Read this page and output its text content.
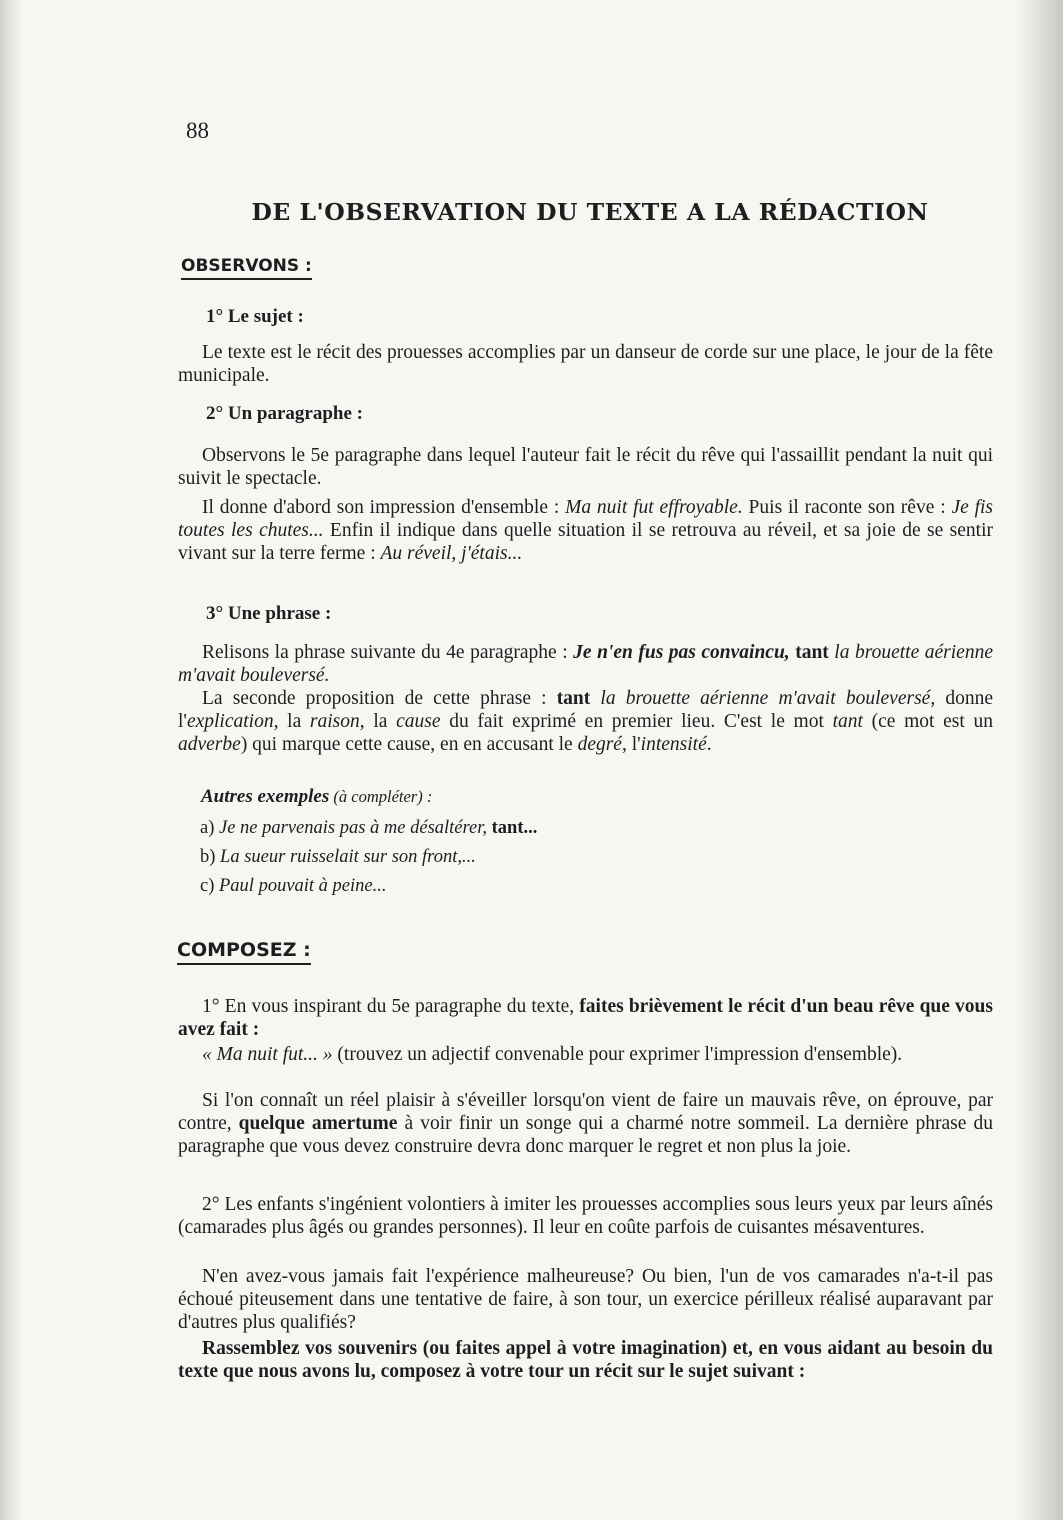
88
DE L'OBSERVATION DU TEXTE A LA RÉDACTION
OBSERVONS :
1° Le sujet :

Le texte est le récit des prouesses accomplies par un danseur de corde sur une place, le jour de la fête municipale.

2° Un paragraphe :

Observons le 5e paragraphe dans lequel l'auteur fait le récit du rêve qui l'assaillit pendant la nuit qui suivit le spectacle.

Il donne d'abord son impression d'ensemble : Ma nuit fut effroyable. Puis il raconte son rêve : Je fis toutes les chutes... Enfin il indique dans quelle situation il se retrouva au réveil, et sa joie de se sentir vivant sur la terre ferme : Au réveil, j'étais...

3° Une phrase :

Relisons la phrase suivante du 4e paragraphe : Je n'en fus pas convaincu, tant la brouette aérienne m'avait bouleversé.

La seconde proposition de cette phrase : tant la brouette aérienne m'avait bouleversé, donne l'explication, la raison, la cause du fait exprimé en premier lieu. C'est le mot tant (ce mot est un adverbe) qui marque cette cause, en en accusant le degré, l'intensité.

Autres exemples (à compléter) :
a) Je ne parvenais pas à me désaltérer, tant...
b) La sueur ruisselait sur son front,...
c) Paul pouvait à peine...
COMPOSEZ :

1° En vous inspirant du 5e paragraphe du texte, faites brièvement le récit d'un beau rêve que vous avez fait :

« Ma nuit fut... » (trouvez un adjectif convenable pour exprimer l'impression d'ensemble).

Si l'on connaît un réel plaisir à s'éveiller lorsqu'on vient de faire un mauvais rêve, on éprouve, par contre, quelque amertume à voir finir un songe qui a charmé notre sommeil. La dernière phrase du paragraphe que vous devez construire devra donc marquer le regret et non plus la joie.

2° Les enfants s'ingénient volontiers à imiter les prouesses accomplies sous leurs yeux par leurs aînés (camarades plus âgés ou grandes personnes). Il leur en coûte parfois de cuisantes mésaventures.

N'en avez-vous jamais fait l'expérience malheureuse? Ou bien, l'un de vos camarades n'a-t-il pas échoué piteusement dans une tentative de faire, à son tour, un exercice périlleux réalisé auparavant par d'autres plus qualifiés?

Rassemblez vos souvenirs (ou faites appel à votre imagination) et, en vous aidant au besoin du texte que nous avons lu, composez à votre tour un récit sur le sujet suivant :
